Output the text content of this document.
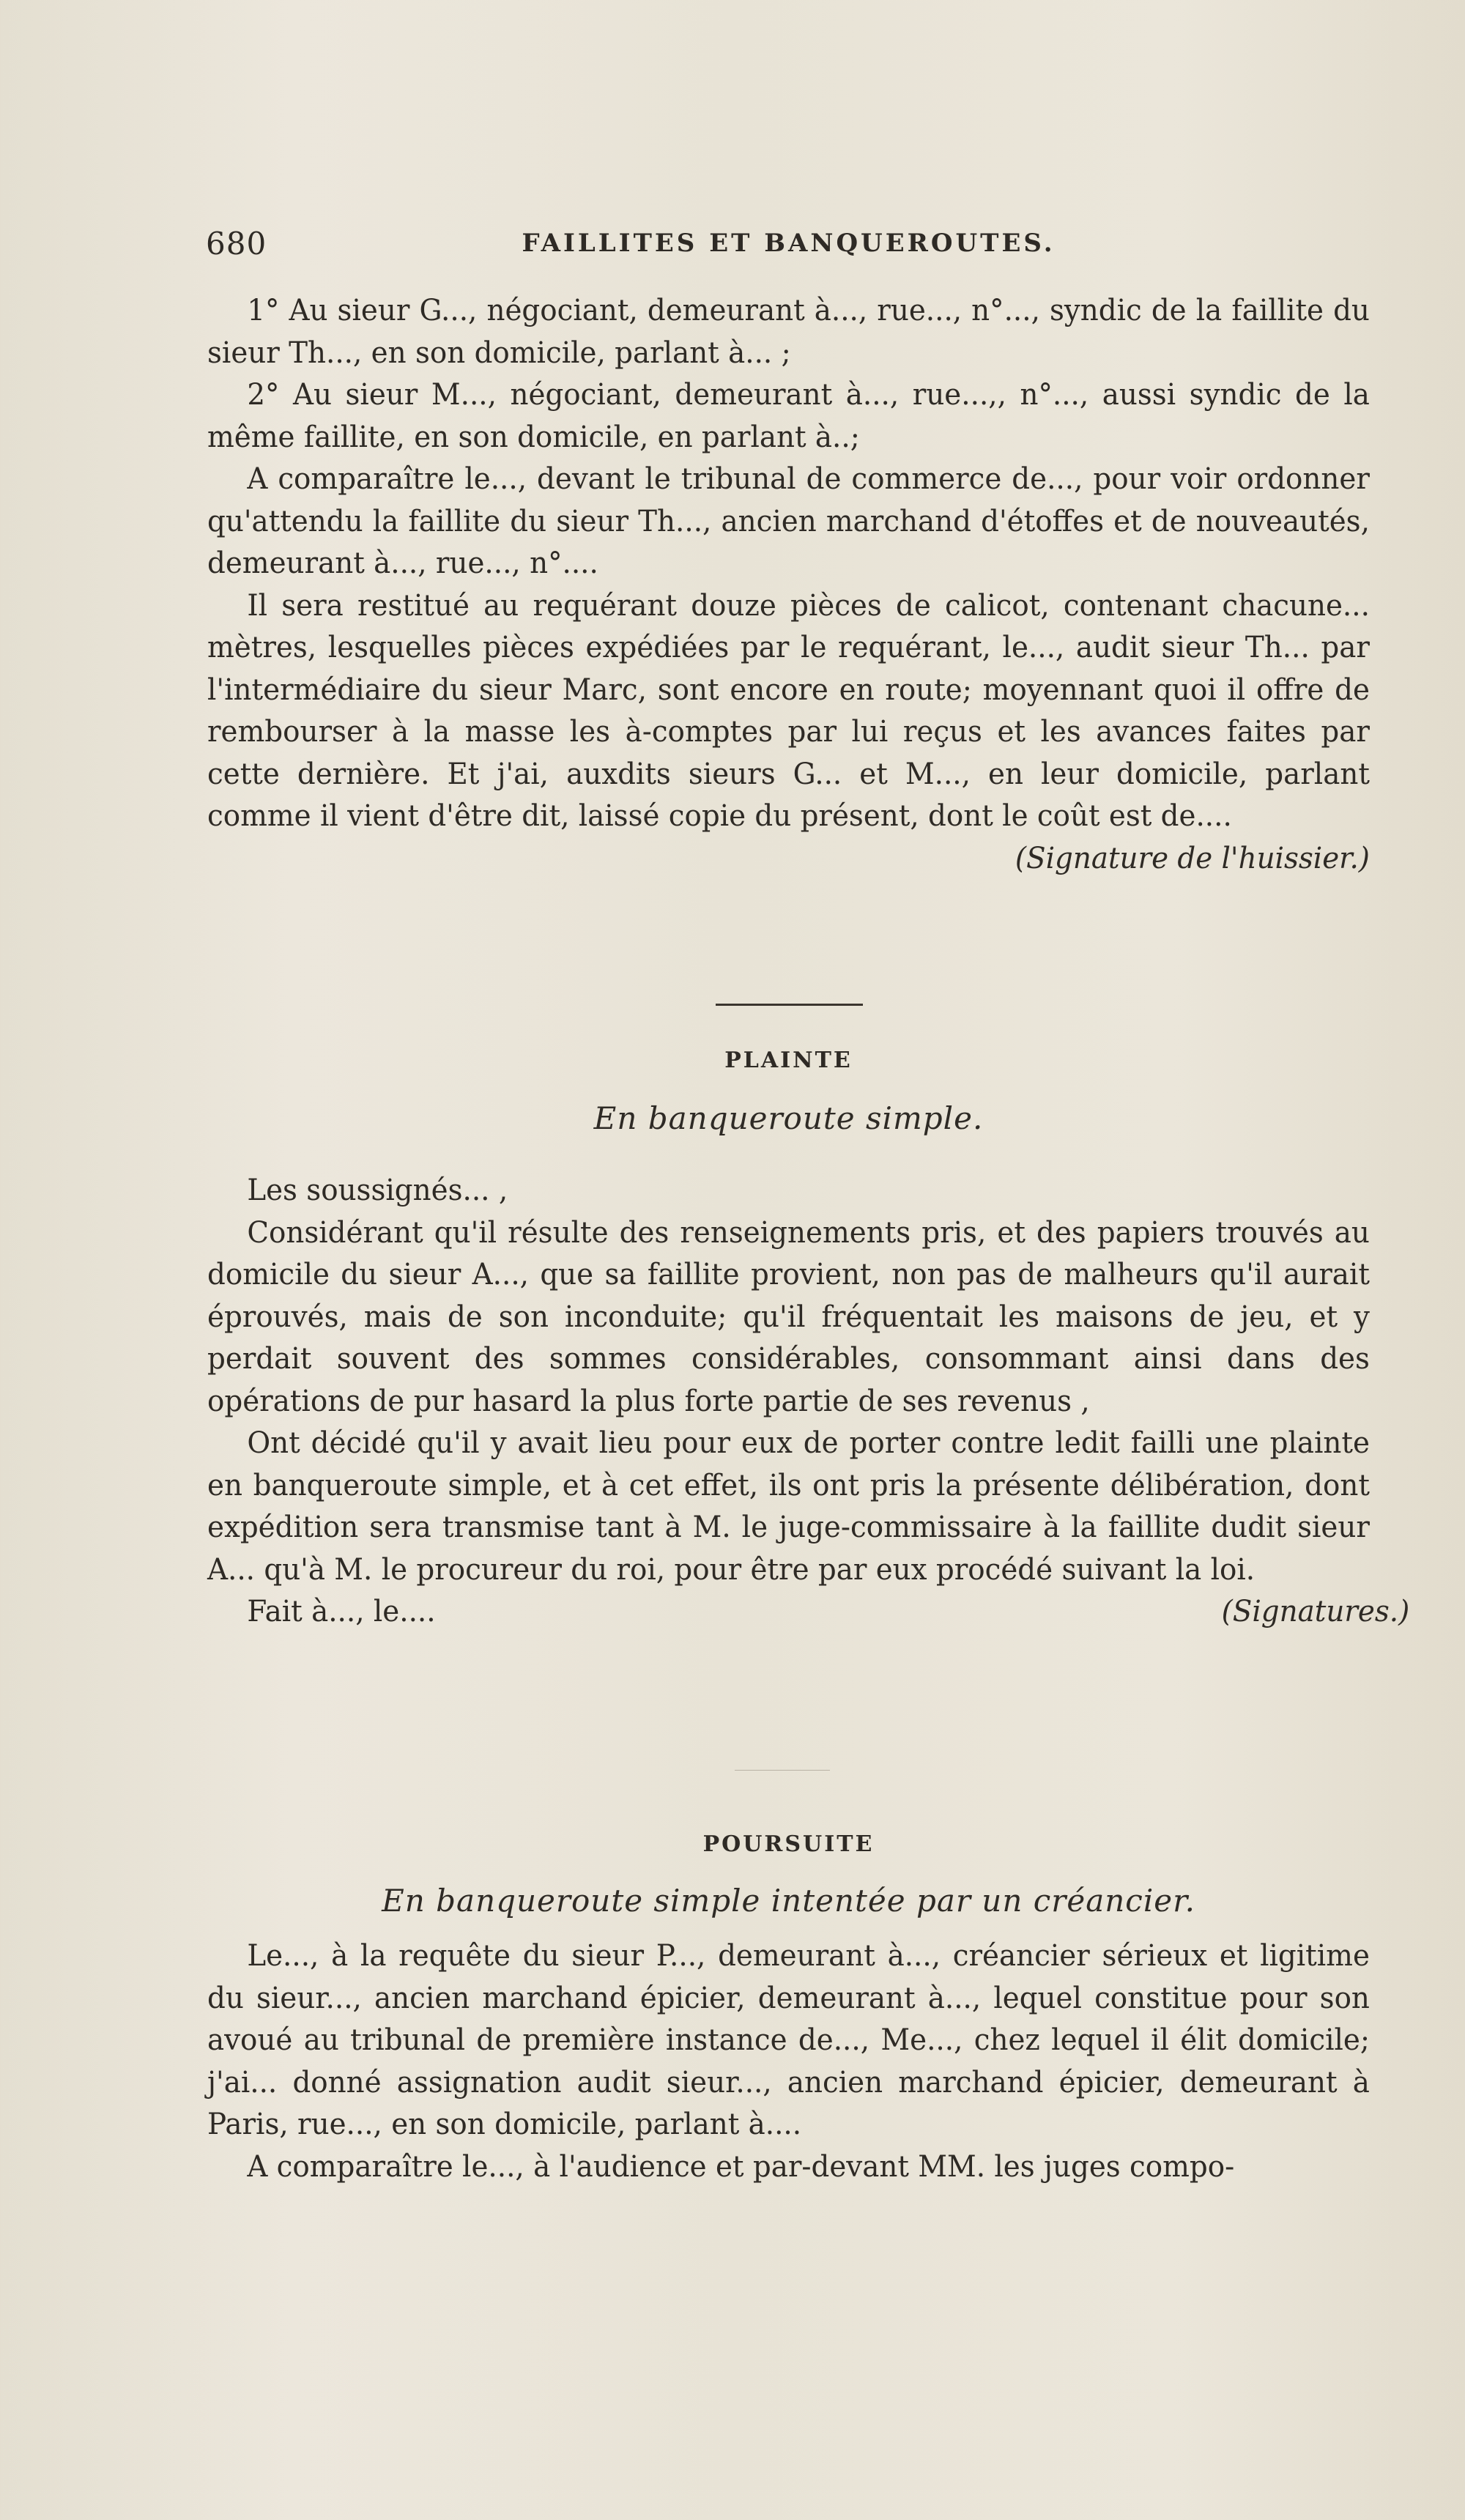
680	FAILLITES ET BANQUEROUTES.

1° Au sieur G..., négociant, demeurant à..., rue..., n°..., syndic de la faillite du sieur Th..., en son domicile, parlant à... ;

2° Au sieur M..., négociant, demeurant à..., rue...,, n°..., aussi syndic de la même faillite, en son domicile, en parlant à..;

A comparaître le..., devant le tribunal de commerce de..., pour voir ordonner qu'attendu la faillite du sieur Th..., ancien marchand d'étoffes et de nouveautés, demeurant à..., rue..., n°....

Il sera restitué au requérant douze pièces de calicot, contenant chacune... mètres, lesquelles pièces expédiées par le requérant, le..., audit sieur Th... par l'intermédiaire du sieur Marc, sont encore en route; moyennant quoi il offre de rembourser à la masse les à-comptes par lui reçus et les avances faites par cette dernière. Et j'ai, auxdits sieurs G... et M..., en leur domicile, parlant comme il vient d'être dit, laissé copie du présent, dont le coût est de....

(Signature de l'huissier.)

PLAINTE
En banqueroute simple.

Les soussignés... ,

Considérant qu'il résulte des renseignements pris, et des papiers trouvés au domicile du sieur A..., que sa faillite provient, non pas de malheurs qu'il aurait éprouvés, mais de son inconduite; qu'il fréquentait les maisons de jeu, et y perdait souvent des sommes considérables, consommant ainsi dans des opérations de pur hasard la plus forte partie de ses revenus ,

Ont décidé qu'il y avait lieu pour eux de porter contre ledit failli une plainte en banqueroute simple, et à cet effet, ils ont pris la présente délibération, dont expédition sera transmise tant à M. le juge-commissaire à la faillite dudit sieur A... qu'à M. le procureur du roi, pour être par eux procédé suivant la loi.

Fait à..., le....	(Signatures.)

POURSUITE
En banqueroute simple intentée par un créancier.

Le..., à la requête du sieur P..., demeurant à..., créancier sérieux et ligitime du sieur..., ancien marchand épicier, demeurant à..., lequel constitue pour son avoué au tribunal de première instance de..., Me..., chez lequel il élit domicile; j'ai... donné assignation audit sieur..., ancien marchand épicier, demeurant à Paris, rue..., en son domicile, parlant à....

A comparaître le..., à l'audience et par-devant MM. les juges compo-
